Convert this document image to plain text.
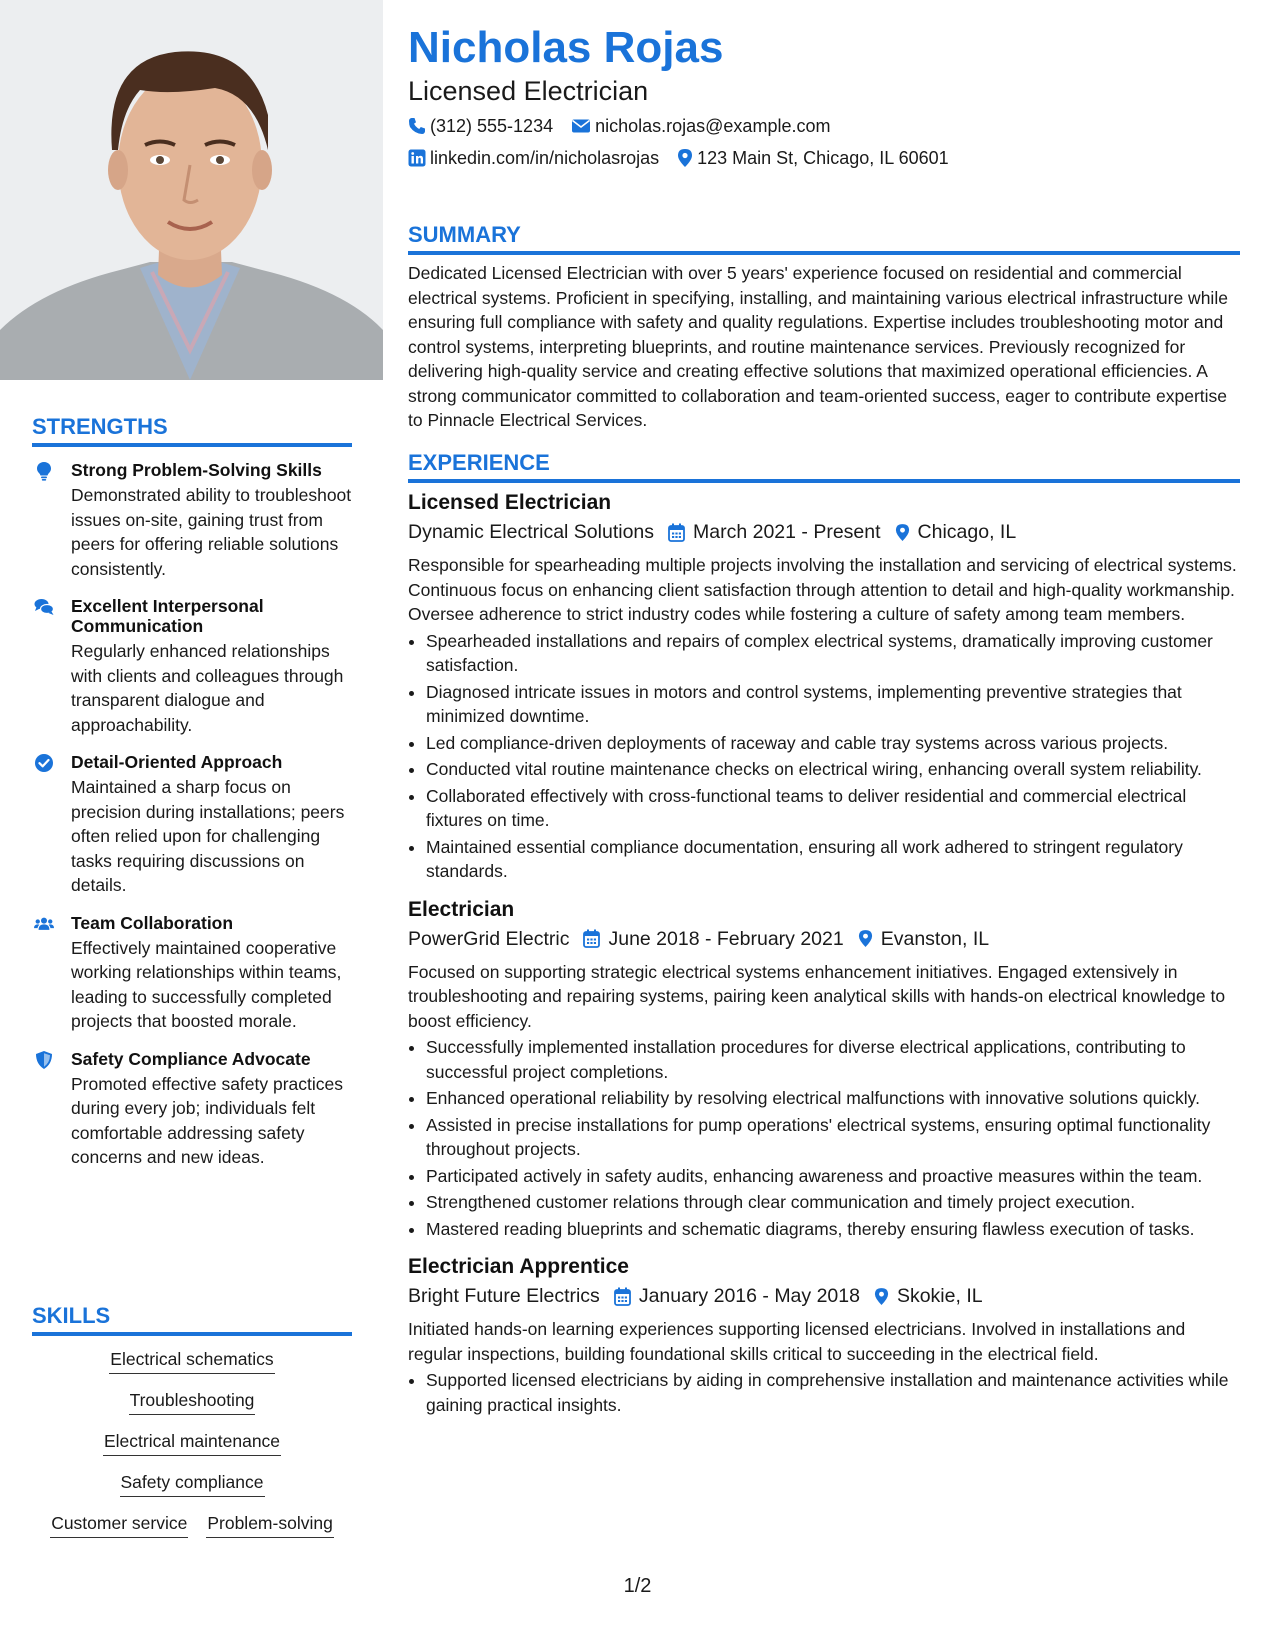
STRENGTHS
Strong Problem-Solving Skills
Demonstrated ability to troubleshoot issues on-site, gaining trust from peers for offering reliable solutions consistently.
Excellent Interpersonal Communication
Regularly enhanced relationships with clients and colleagues through transparent dialogue and approachability.
Detail-Oriented Approach
Maintained a sharp focus on precision during installations; peers often relied upon for challenging tasks requiring discussions on details.
Team Collaboration
Effectively maintained cooperative working relationships within teams, leading to successfully completed projects that boosted morale.
Safety Compliance Advocate
Promoted effective safety practices during every job; individuals felt comfortable addressing safety concerns and new ideas.
SKILLS
Electrical schematics
Troubleshooting
Electrical maintenance
Safety compliance
Customer service Problem-solving
Nicholas Rojas
Licensed Electrician
(312) 555-1234 nicholas.rojas@example.com
linkedin.com/in/nicholasrojas 123 Main St, Chicago, IL 60601
SUMMARY
Dedicated Licensed Electrician with over 5 years' experience focused on residential and commercial electrical systems. Proficient in specifying, installing, and maintaining various electrical infrastructure while ensuring full compliance with safety and quality regulations. Expertise includes troubleshooting motor and control systems, interpreting blueprints, and routine maintenance services. Previously recognized for delivering high-quality service and creating effective solutions that maximized operational efficiencies. A strong communicator committed to collaboration and team-oriented success, eager to contribute expertise to Pinnacle Electrical Services.
EXPERIENCE
Licensed Electrician
Dynamic Electrical Solutions March 2021 - Present Chicago, IL
Responsible for spearheading multiple projects involving the installation and servicing of electrical systems. Continuous focus on enhancing client satisfaction through attention to detail and high-quality workmanship. Oversee adherence to strict industry codes while fostering a culture of safety among team members.
• Spearheaded installations and repairs of complex electrical systems, dramatically improving customer satisfaction.
• Diagnosed intricate issues in motors and control systems, implementing preventive strategies that minimized downtime.
• Led compliance-driven deployments of raceway and cable tray systems across various projects.
• Conducted vital routine maintenance checks on electrical wiring, enhancing overall system reliability.
• Collaborated effectively with cross-functional teams to deliver residential and commercial electrical fixtures on time.
• Maintained essential compliance documentation, ensuring all work adhered to stringent regulatory standards.
Electrician
PowerGrid Electric June 2018 - February 2021 Evanston, IL
Focused on supporting strategic electrical systems enhancement initiatives. Engaged extensively in troubleshooting and repairing systems, pairing keen analytical skills with hands-on electrical knowledge to boost efficiency.
• Successfully implemented installation procedures for diverse electrical applications, contributing to successful project completions.
• Enhanced operational reliability by resolving electrical malfunctions with innovative solutions quickly.
• Assisted in precise installations for pump operations' electrical systems, ensuring optimal functionality throughout projects.
• Participated actively in safety audits, enhancing awareness and proactive measures within the team.
• Strengthened customer relations through clear communication and timely project execution.
• Mastered reading blueprints and schematic diagrams, thereby ensuring flawless execution of tasks.
Electrician Apprentice
Bright Future Electrics January 2016 - May 2018 Skokie, IL
Initiated hands-on learning experiences supporting licensed electricians. Involved in installations and regular inspections, building foundational skills critical to succeeding in the electrical field.
• Supported licensed electricians by aiding in comprehensive installation and maintenance activities while gaining practical insights.
1/2
